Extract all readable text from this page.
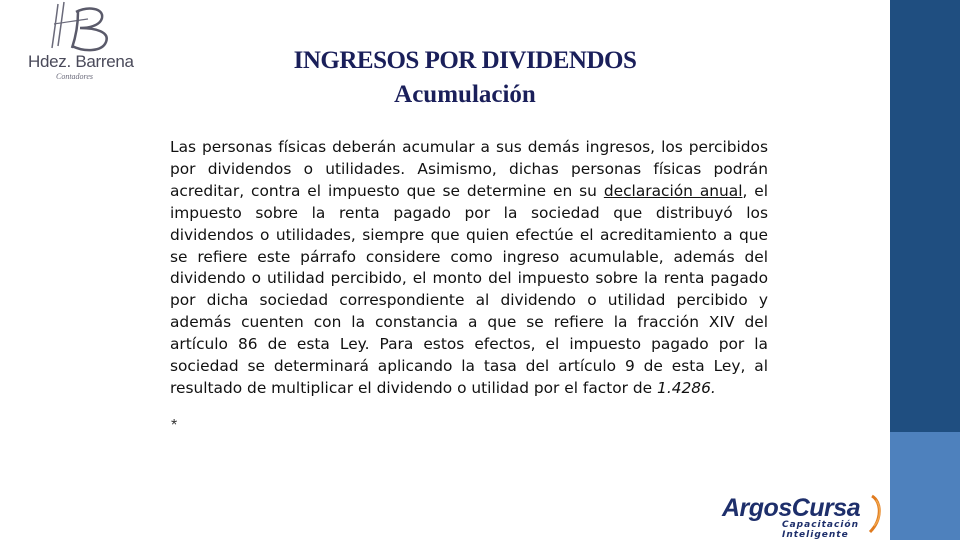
Hdez. Barrena
Contadores
INGRESOS POR DIVIDENDOS
Acumulación

Las personas físicas deberán acumular a sus demás ingresos, los percibidos por dividendos o utilidades. Asimismo, dichas personas físicas podrán acreditar, contra el impuesto que se determine en su declaración anual, el impuesto sobre la renta pagado por la sociedad que distribuyó los dividendos o utilidades, siempre que quien efectúe el acreditamiento a que se refiere este párrafo considere como ingreso acumulable, además del dividendo o utilidad percibido, el monto del impuesto sobre la renta pagado por dicha sociedad correspondiente al dividendo o utilidad percibido y además cuenten con la constancia a que se refiere la fracción XIV del artículo 86 de esta Ley. Para estos efectos, el impuesto pagado por la sociedad se determinará aplicando la tasa del artículo 9 de esta Ley, al resultado de multiplicar el dividendo o utilidad por el factor de 1.4286.

*
ArgosCursa
Capacitación
Inteligente
